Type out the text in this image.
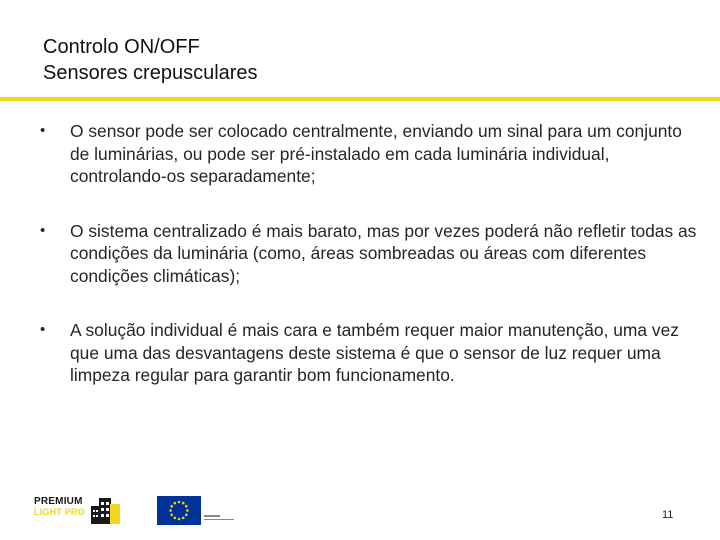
Controlo ON/OFF
Sensores crepusculares
• O sensor pode ser colocado centralmente, enviando um sinal para um conjunto de luminárias, ou pode ser pré-instalado em cada luminária individual, controlando-os separadamente;
• O sistema centralizado é mais barato, mas por vezes poderá não refletir todas as condições da luminária (como, áreas sombreadas ou áreas com diferentes condições climáticas);
• A solução individual é mais cara e também requer maior manutenção, uma vez que uma das desvantagens deste sistema é que o sensor de luz requer uma limpeza regular para garantir bom funcionamento.
PREMIUM
LIGHT PRO	11
